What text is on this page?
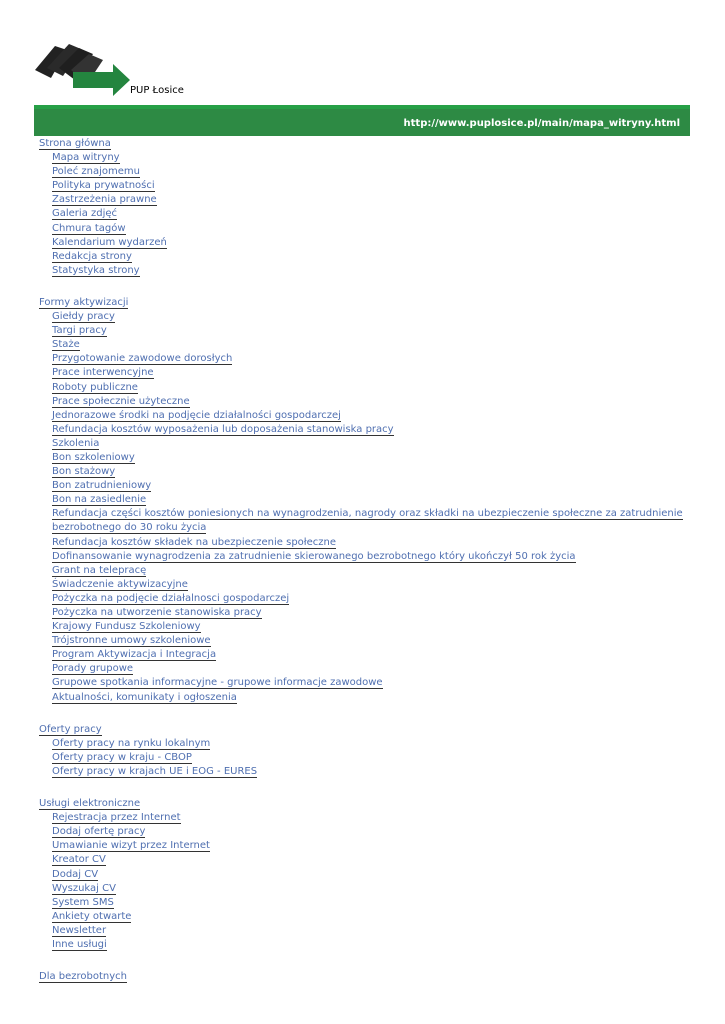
PUP Łosice
http://www.puplosice.pl/main/mapa_witryny.html
Strona główna
Mapa witryny
Poleć znajomemu
Polityka prywatności
Zastrzeżenia prawne
Galeria zdjęć
Chmura tagów
Kalendarium wydarzeń
Redakcja strony
Statystyka strony
Formy aktywizacji
Giełdy pracy
Targi pracy
Staże
Przygotowanie zawodowe dorosłych
Prace interwencyjne
Roboty publiczne
Prace społecznie użyteczne
Jednorazowe środki na podjęcie działalności gospodarczej
Refundacja kosztów wyposażenia lub doposażenia stanowiska pracy
Szkolenia
Bon szkoleniowy
Bon stażowy
Bon zatrudnieniowy
Bon na zasiedlenie
Refundacja części kosztów poniesionych na wynagrodzenia, nagrody oraz składki na ubezpieczenie społeczne za zatrudnienie bezrobotnego do 30 roku życia
Refundacja kosztów składek na ubezpieczenie społeczne
Dofinansowanie wynagrodzenia za zatrudnienie skierowanego bezrobotnego który ukończył 50 rok życia
Grant na telepracę
Świadczenie aktywizacyjne
Pożyczka na podjęcie działalnosci gospodarczej
Pożyczka na utworzenie stanowiska pracy
Krajowy Fundusz Szkoleniowy
Trójstronne umowy szkoleniowe
Program Aktywizacja i Integracja
Porady grupowe
Grupowe spotkania informacyjne - grupowe informacje zawodowe
Aktualności, komunikaty i ogłoszenia
Oferty pracy
Oferty pracy na rynku lokalnym
Oferty pracy w kraju - CBOP
Oferty pracy w krajach UE i EOG - EURES
Usługi elektroniczne
Rejestracja przez Internet
Dodaj ofertę pracy
Umawianie wizyt przez Internet
Kreator CV
Dodaj CV
Wyszukaj CV
System SMS
Ankiety otwarte
Newsletter
Inne usługi
Dla bezrobotnych
